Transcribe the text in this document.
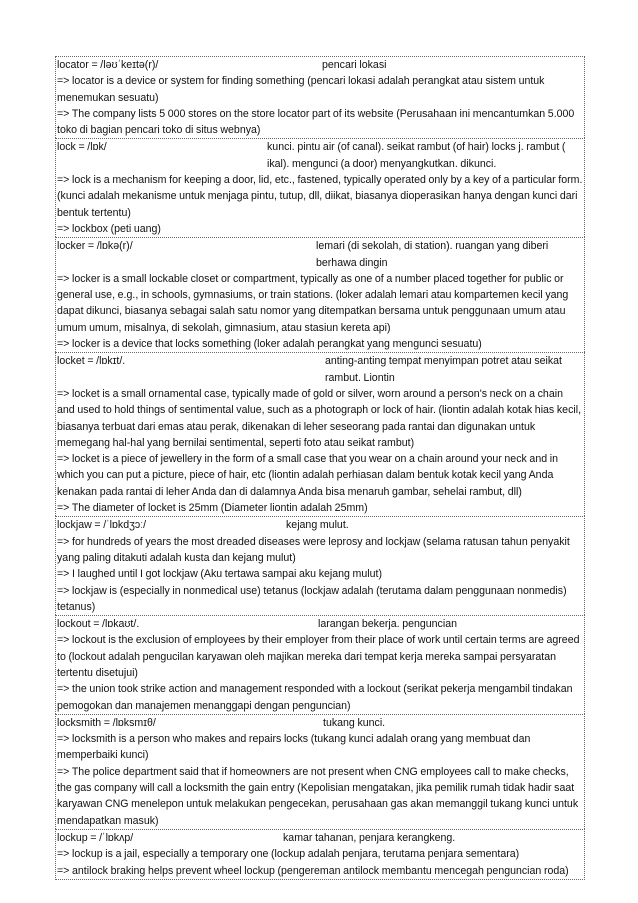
locator = /ləʊˈkeɪtə(r)/	pencari lokasi

=> locator is a device or system for finding something (pencari lokasi adalah perangkat atau sistem untuk menemukan sesuatu)

=> The company lists 5 000 stores on the store locator part of its website (Perusahaan ini mencantumkan 5.000 toko di bagian pencari toko di situs webnya)

lock = /lɒk/	kunci. pintu air (of canal). seikat rambut (of hair) locks j. rambut ( ikal). mengunci (a door) menyangkutkan. dikunci.

=> lock is a mechanism for keeping a door, lid, etc., fastened, typically operated only by a key of a particular form. (kunci adalah mekanisme untuk menjaga pintu, tutup, dll, diikat, biasanya dioperasikan hanya dengan kunci dari bentuk tertentu)

=> lockbox (peti uang)

locker = /lɒkə(r)/	lemari (di sekolah, di station). ruangan yang diberi berhawa dingin

=> locker is a small lockable closet or compartment, typically as one of a number placed together for public or general use, e.g., in schools, gymnasiums, or train stations. (loker adalah lemari atau kompartemen kecil yang dapat dikunci, biasanya sebagai salah satu nomor yang ditempatkan bersama untuk penggunaan umum atau umum umum, misalnya, di sekolah, gimnasium, atau stasiun kereta api)

=> locker is a device that locks something (loker adalah perangkat yang mengunci sesuatu)

locket = /lɒkɪt/.	anting-anting tempat menyimpan potret atau seikat rambut. Liontin

=> locket is a small ornamental case, typically made of gold or silver, worn around a person's neck on a chain and used to hold things of sentimental value, such as a photograph or lock of hair. (liontin adalah kotak hias kecil, biasanya terbuat dari emas atau perak, dikenakan di leher seseorang pada rantai dan digunakan untuk memegang hal-hal yang bernilai sentimental, seperti foto atau seikat rambut)

=> locket is a piece of jewellery in the form of a small case that you wear on a chain around your neck and in which you can put a picture, piece of hair, etc (liontin adalah perhiasan dalam bentuk kotak kecil yang Anda kenakan pada rantai di leher Anda dan di dalamnya Anda bisa menaruh gambar, sehelai rambut, dll)

=> The diameter of locket is 25mm (Diameter liontin adalah 25mm)

lockjaw = /ˈlɒkdʒɔː/	kejang mulut.

=> for hundreds of years the most dreaded diseases were leprosy and lockjaw (selama ratusan tahun penyakit yang paling ditakuti adalah kusta dan kejang mulut)

=> I laughed until I got lockjaw (Aku tertawa sampai aku kejang mulut)

=> lockjaw is (especially in nonmedical use) tetanus (lockjaw adalah (terutama dalam penggunaan nonmedis) tetanus)

lockout = /lɒkaʊt/.	larangan bekerja. penguncian

=> lockout is the exclusion of employees by their employer from their place of work until certain terms are agreed to (lockout adalah pengucilan karyawan oleh majikan mereka dari tempat kerja mereka sampai persyaratan tertentu disetujui)

=> the union took strike action and management responded with a lockout (serikat pekerja mengambil tindakan pemogokan dan manajemen menanggapi dengan penguncian)

locksmith = /lɒksmɪθ/	tukang kunci.

=> locksmith is a person who makes and repairs locks (tukang kunci adalah orang yang membuat dan memperbaiki kunci)

=> The police department said that if homeowners are not present when CNG employees call to make checks, the gas company will call a locksmith the gain entry (Kepolisian mengatakan, jika pemilik rumah tidak hadir saat karyawan CNG menelepon untuk melakukan pengecekan, perusahaan gas akan memanggil tukang kunci untuk mendapatkan masuk)

lockup = /ˈlɒkʌp/	kamar tahanan, penjara kerangkeng.

=> lockup is a jail, especially a temporary one (lockup adalah penjara, terutama penjara sementara)

=> antilock braking helps prevent wheel lockup (pengereman antilock membantu mencegah penguncian roda)
